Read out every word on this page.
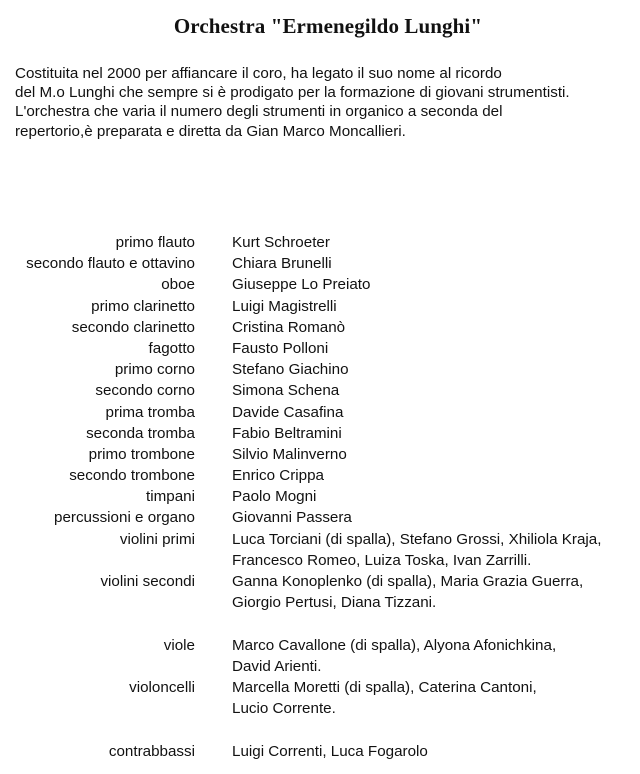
Orchestra "Ermenegildo Lunghi"
Costituita nel 2000 per affiancare il coro, ha legato il suo nome al ricordo
del M.o Lunghi che sempre si è prodigato per la formazione di giovani strumentisti.
L'orchestra che varia il numero degli strumenti in organico a seconda del
repertorio,è preparata e diretta da Gian Marco Moncallieri.
primo flauto Kurt Schroeter
secondo flauto e ottavino Chiara Brunelli
oboe Giuseppe Lo Preiato
primo clarinetto Luigi Magistrelli
secondo clarinetto Cristina Romanò
fagotto Fausto Polloni
primo corno Stefano Giachino
secondo corno Simona Schena
prima tromba Davide Casafina
seconda tromba Fabio Beltramini
primo trombone Silvio Malinverno
secondo trombone Enrico Crippa
timpani Paolo Mogni
percussioni e organo Giovanni Passera
violini primi Luca Torciani (di spalla), Stefano Grossi, Xhiliola Kraja,
Francesco Romeo, Luiza Toska, Ivan Zarrilli.
violini secondi Ganna Konoplenko (di spalla), Maria Grazia Guerra,
Giorgio Pertusi, Diana Tizzani.
viole Marco Cavallone (di spalla), Alyona Afonichkina,
David Arienti.
violoncelli Marcella Moretti (di spalla), Caterina Cantoni,
Lucio Corrente.
contrabbassi Luigi Correnti, Luca Fogarolo
